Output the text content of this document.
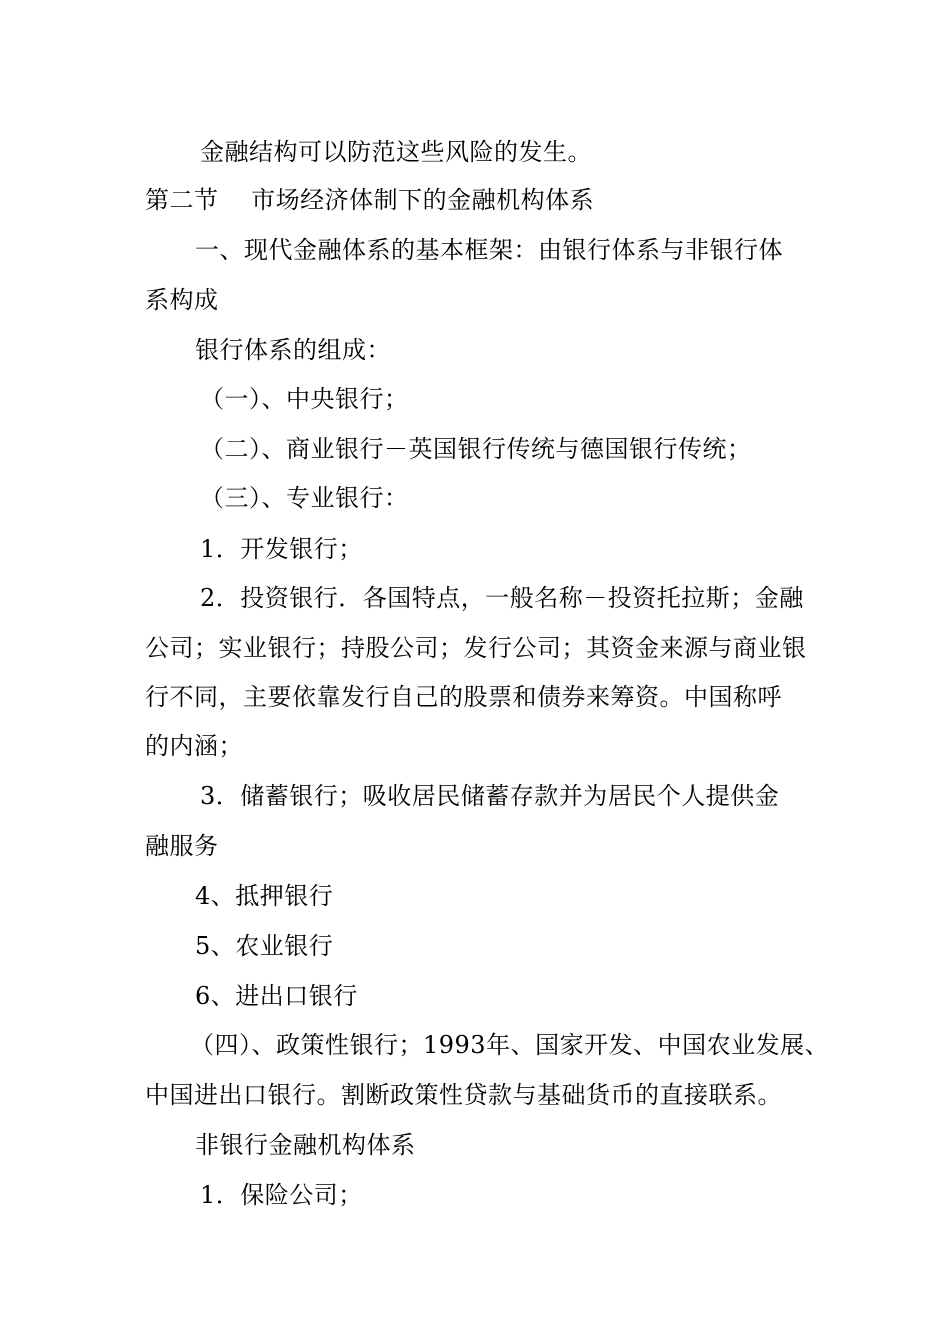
金融结构可以防范这些风险的发生。
第二节　 市场经济体制下的金融机构体系
一、现代金融体系的基本框架：由银行体系与非银行体
系构成
银行体系的组成：
（一）、中央银行；
（二）、商业银行－英国银行传统与德国银行传统；
（三）、专业银行：
1．开发银行；
2．投资银行．各国特点，一般名称－投资托拉斯；金融
公司；实业银行；持股公司；发行公司；其资金来源与商业银
行不同，主要依靠发行自己的股票和债券来筹资。中国称呼
的内涵；
3．储蓄银行；吸收居民储蓄存款并为居民个人提供金
融服务
4、抵押银行
5、农业银行
6、进出口银行
（四）、政策性银行；1993年、国家开发、中国农业发展、
中国进出口银行。割断政策性贷款与基础货币的直接联系。
非银行金融机构体系
1．保险公司；
